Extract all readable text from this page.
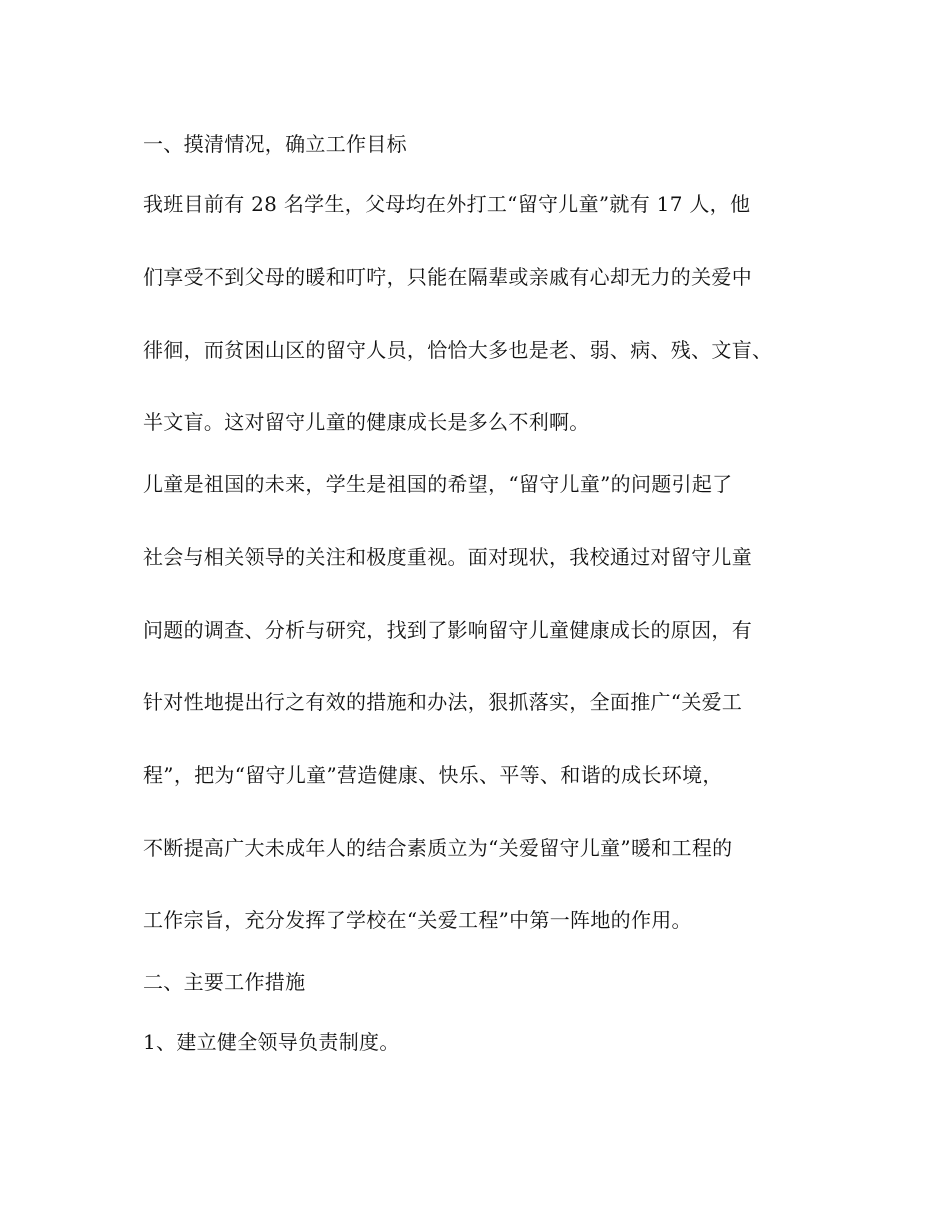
一、摸清情况，确立工作目标
我班目前有 28 名学生，父母均在外打工“留守儿童”就有 17 人，他
们享受不到父母的暖和叮咛，只能在隔辈或亲戚有心却无力的关爱中
徘徊，而贫困山区的留守人员，恰恰大多也是老、弱、病、残、文盲、
半文盲。这对留守儿童的健康成长是多么不利啊。
儿童是祖国的未来，学生是祖国的希望，“留守儿童”的问题引起了
社会与相关领导的关注和极度重视。面对现状，我校通过对留守儿童
问题的调查、分析与研究，找到了影响留守儿童健康成长的原因，有
针对性地提出行之有效的措施和办法，狠抓落实，全面推广“关爱工
程”，把为“留守儿童”营造健康、快乐、平等、和谐的成长环境，
不断提高广大未成年人的结合素质立为“关爱留守儿童”暖和工程的
工作宗旨，充分发挥了学校在“关爱工程”中第一阵地的作用。
二、主要工作措施
1、建立健全领导负责制度。
